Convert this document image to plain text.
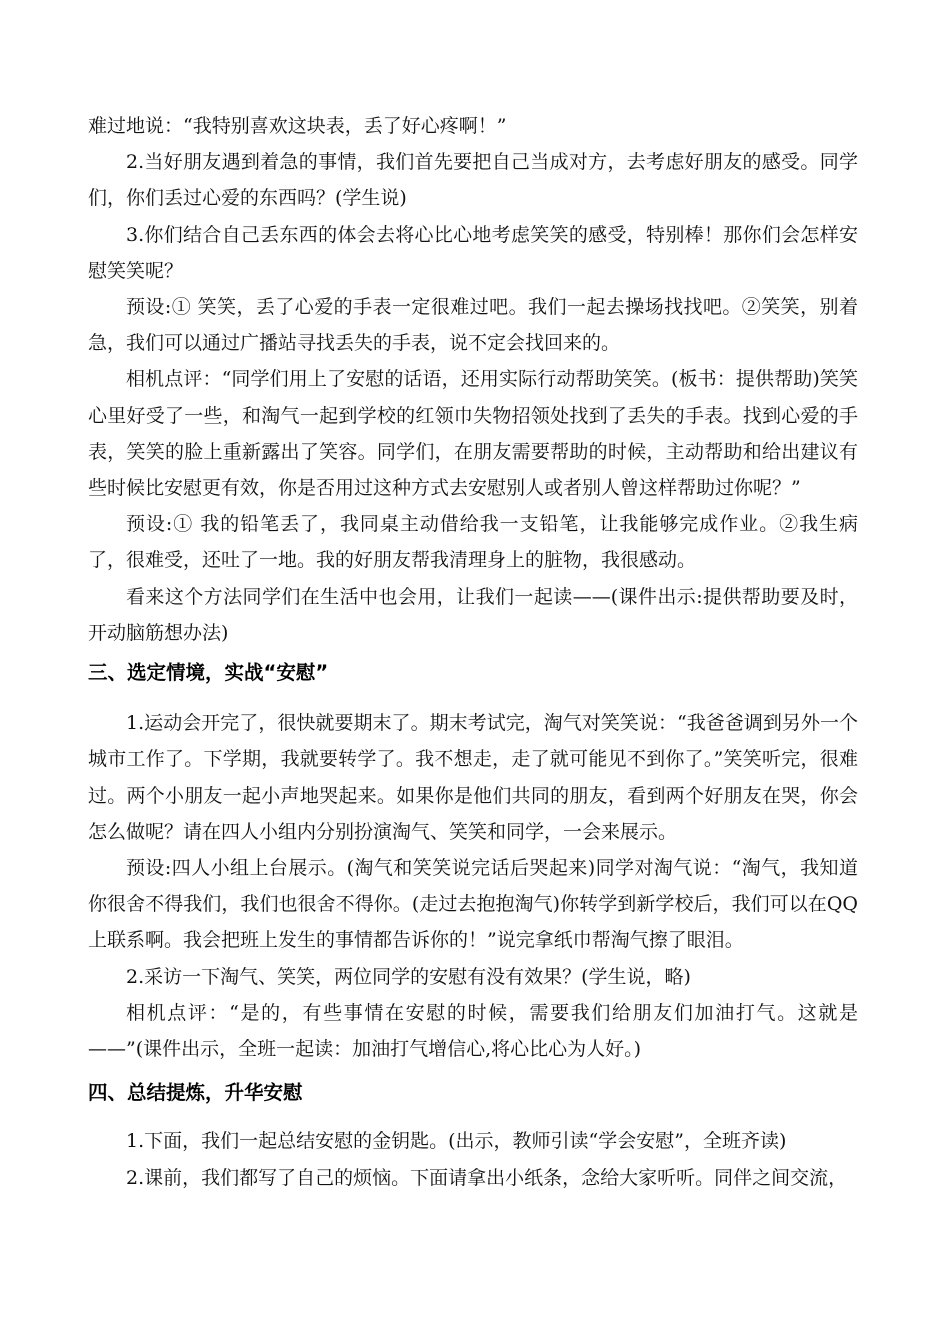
难过地说：“我特别喜欢这块表，丢了好心疼啊！”

2.当好朋友遇到着急的事情，我们首先要把自己当成对方，去考虑好朋友的感受。同学们，你们丢过心爱的东西吗？(学生说)

3.你们结合自己丢东西的体会去将心比心地考虑笑笑的感受，特别棒！那你们会怎样安慰笑笑呢？

预设:① 笑笑，丢了心爱的手表一定很难过吧。我们一起去操场找找吧。②笑笑，别着急，我们可以通过广播站寻找丢失的手表，说不定会找回来的。

相机点评：“同学们用上了安慰的话语，还用实际行动帮助笑笑。(板书：提供帮助)笑笑心里好受了一些，和淘气一起到学校的红领巾失物招领处找到了丢失的手表。找到心爱的手表，笑笑的脸上重新露出了笑容。同学们，在朋友需要帮助的时候，主动帮助和给出建议有些时候比安慰更有效，你是否用过这种方式去安慰别人或者别人曾这样帮助过你呢？”

预设:① 我的铅笔丢了，我同桌主动借给我一支铅笔，让我能够完成作业。②我生病了，很难受，还吐了一地。我的好朋友帮我清理身上的脏物，我很感动。

看来这个方法同学们在生活中也会用，让我们一起读——(课件出示:提供帮助要及时，开动脑筋想办法)

三、选定情境，实战“安慰”

1.运动会开完了，很快就要期末了。期末考试完，淘气对笑笑说：“我爸爸调到另外一个城市工作了。下学期，我就要转学了。我不想走，走了就可能见不到你了。”笑笑听完，很难过。两个小朋友一起小声地哭起来。如果你是他们共同的朋友，看到两个好朋友在哭，你会怎么做呢？请在四人小组内分别扮演淘气、笑笑和同学，一会来展示。

预设:四人小组上台展示。(淘气和笑笑说完话后哭起来)同学对淘气说：“淘气，我知道你很舍不得我们，我们也很舍不得你。(走过去抱抱淘气)你转学到新学校后，我们可以在QQ上联系啊。我会把班上发生的事情都告诉你的！”说完拿纸巾帮淘气擦了眼泪。

2.采访一下淘气、笑笑，两位同学的安慰有没有效果？(学生说，略)

相机点评：“是的，有些事情在安慰的时候，需要我们给朋友们加油打气。这就是——”(课件出示，全班一起读：加油打气增信心,将心比心为人好。)

四、总结提炼，升华安慰

1.下面，我们一起总结安慰的金钥匙。(出示，教师引读“学会安慰”，全班齐读)

2.课前，我们都写了自己的烦恼。下面请拿出小纸条，念给大家听听。同伴之间交流，
